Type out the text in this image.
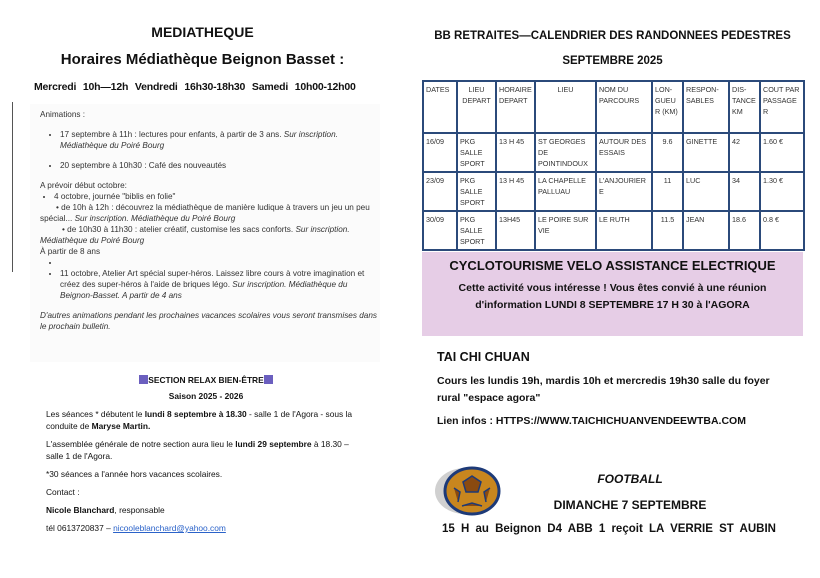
MEDIATHEQUE
Horaires Médiathèque Beignon Basset :
Mercredi 10h—12h Vendredi 16h30-18h30 Samedi 10h00-12h00

Animations :

• 17 septembre à 11h : lectures pour enfants, à partir de 3 ans. Sur inscription. Médiathèque du Poiré Bourg
• 20 septembre à 10h30 : Café des nouveautés

A prévoir début octobre:

• 4 octobre, journée "biblis en folie"

• de 10h à 12h : découvrez la médiathèque de manière ludique à travers un jeu un peu spécial... Sur inscription. Médiathèque du Poiré Bourg

• de 10h30 à 11h30 : atelier créatif, customise les sacs conforts. Sur inscription. Médiathèque du Poiré Bourg

À partir de 8 ans

•
• 11 octobre, Atelier Art spécial super-héros. Laissez libre cours à votre imagination et créez des super-héros à l'aide de briques légo. Sur inscription. Médiathèque du Beignon-Basset. A partir de 4 ans

D'autres animations pendant les prochaines vacances scolaires vous seront transmises dans le prochain bulletin.

SECTION RELAX BIEN-ÊTRE

Saison 2025 - 2026

Les séances * débutent le lundi 8 septembre à 18.30 - salle 1 de l'Agora - sous la conduite de Maryse Martin.

L'assemblée générale de notre section aura lieu le lundi 29 septembre à 18.30 – salle 1 de l'Agora.

*30 séances a l'année hors vacances scolaires.

Contact :

Nicole Blanchard, responsable

tél 0613720837 – nicooleblanchard@yahoo.com

BB RETRAITES—CALENDRIER DES RANDONNEES PEDESTRES
SEPTEMBRE 2025
DATES	LIEU DEPART	HORAIRE DEPART	LIEU	NOM DU PARCOURS	LON-GUEUR (KM)	RESPON-SABLES	DIS-TANCE KM	COUT PAR PASSAGER
16/09	PKG SALLE SPORT	13 H 45	ST GEORGES DE POINTINDOUX	AUTOUR DES ESSAIS	9.6	GINETTE	42	1.60 €
23/09	PKG SALLE SPORT	13 H 45	LA CHAPELLE PALLUAU	L'ANJOURIERE	11	LUC	34	1.30 €
30/09	PKG SALLE SPORT	13H45	LE POIRE SUR VIE	LE RUTH	11.5	JEAN	18.6	0.8 €
CYCLOTOURISME VELO ASSISTANCE ELECTRIQUE
Cette activité vous intéresse ! Vous êtes convié à une réunion d'information LUNDI 8 SEPTEMBRE 17 H 30 à l'AGORA
TAI CHI CHUAN
Cours les lundis 19h, mardis 10h et mercredis 19h30 salle du foyer rural "espace agora"
Lien infos : HTTPS://WWW.TAICHICHUANVENDEEWTBA.COM
FOOTBALL
DIMANCHE 7 SEPTEMBRE
15 H au Beignon D4 ABB 1 reçoit LA VERRIE ST AUBIN
